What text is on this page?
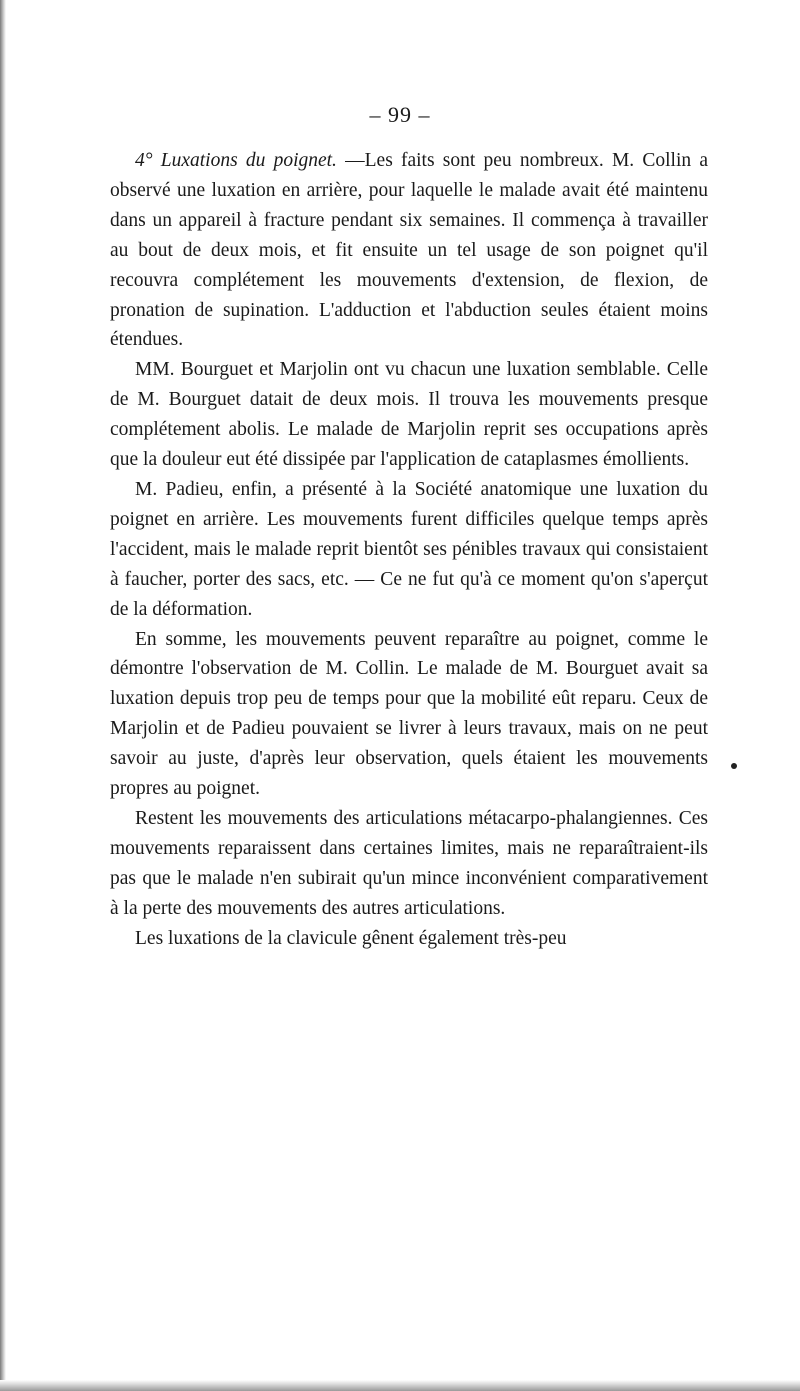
– 99 –

4° Luxations du poignet. —Les faits sont peu nombreux. M. Collin a observé une luxation en arrière, pour laquelle le malade avait été maintenu dans un appareil à fracture pendant six semaines. Il commença à travailler au bout de deux mois, et fit ensuite un tel usage de son poignet qu'il recouvra complétement les mouvements d'extension, de flexion, de pronation de supination. L'adduction et l'abduction seules étaient moins étendues.

MM. Bourguet et Marjolin ont vu chacun une luxation semblable. Celle de M. Bourguet datait de deux mois. Il trouva les mouvements presque complétement abolis. Le malade de Marjolin reprit ses occupations après que la douleur eut été dissipée par l'application de cataplasmes émollients.

M. Padieu, enfin, a présenté à la Société anatomique une luxation du poignet en arrière. Les mouvements furent difficiles quelque temps après l'accident, mais le malade reprit bientôt ses pénibles travaux qui consistaient à faucher, porter des sacs, etc. — Ce ne fut qu'à ce moment qu'on s'aperçut de la déformation.

En somme, les mouvements peuvent reparaître au poignet, comme le démontre l'observation de M. Collin. Le malade de M. Bourguet avait sa luxation depuis trop peu de temps pour que la mobilité eût reparu. Ceux de Marjolin et de Padieu pouvaient se livrer à leurs travaux, mais on ne peut savoir au juste, d'après leur observation, quels étaient les mouvements propres au poignet.

Restent les mouvements des articulations métacarpo-phalangiennes. Ces mouvements reparaissent dans certaines limites, mais ne reparaîtraient-ils pas que le malade n'en subirait qu'un mince inconvénient comparativement à la perte des mouvements des autres articulations.

Les luxations de la clavicule gênent également très-peu
